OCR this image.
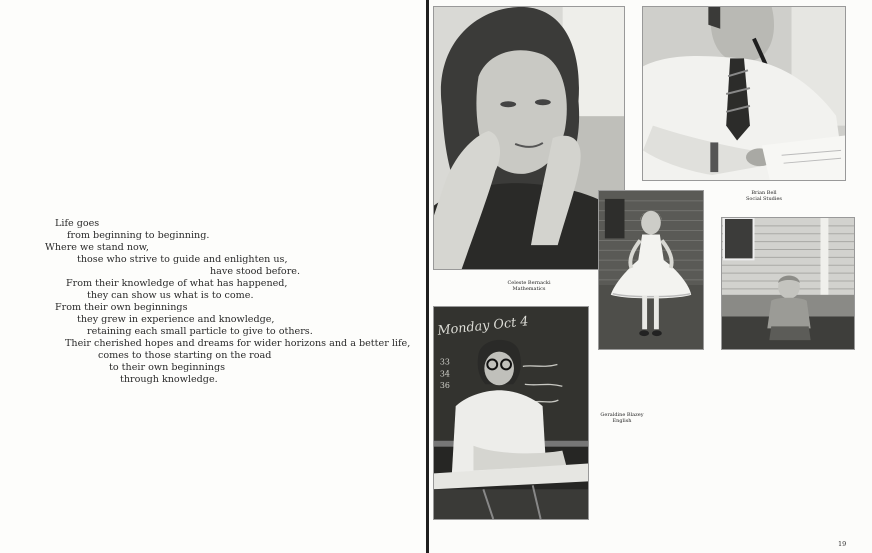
Life goes
from beginning to beginning.
Where we stand now,
those who strive to guide and enlighten us,
have stood before.
From their knowledge of what has happened,
they can show us what is to come.
From their own beginnings
they grew in experience and knowledge,
retaining each small particle to give to others.
Their cherished hopes and dreams for wider horizons and a better life,
comes to those starting on the road
to their own beginnings
through knowledge.
Celeste Bernacki
Mathematics
Brian Bell
Social Studies
Monday Oct 4
33
34
36
Geraldine Blazey
English
19
